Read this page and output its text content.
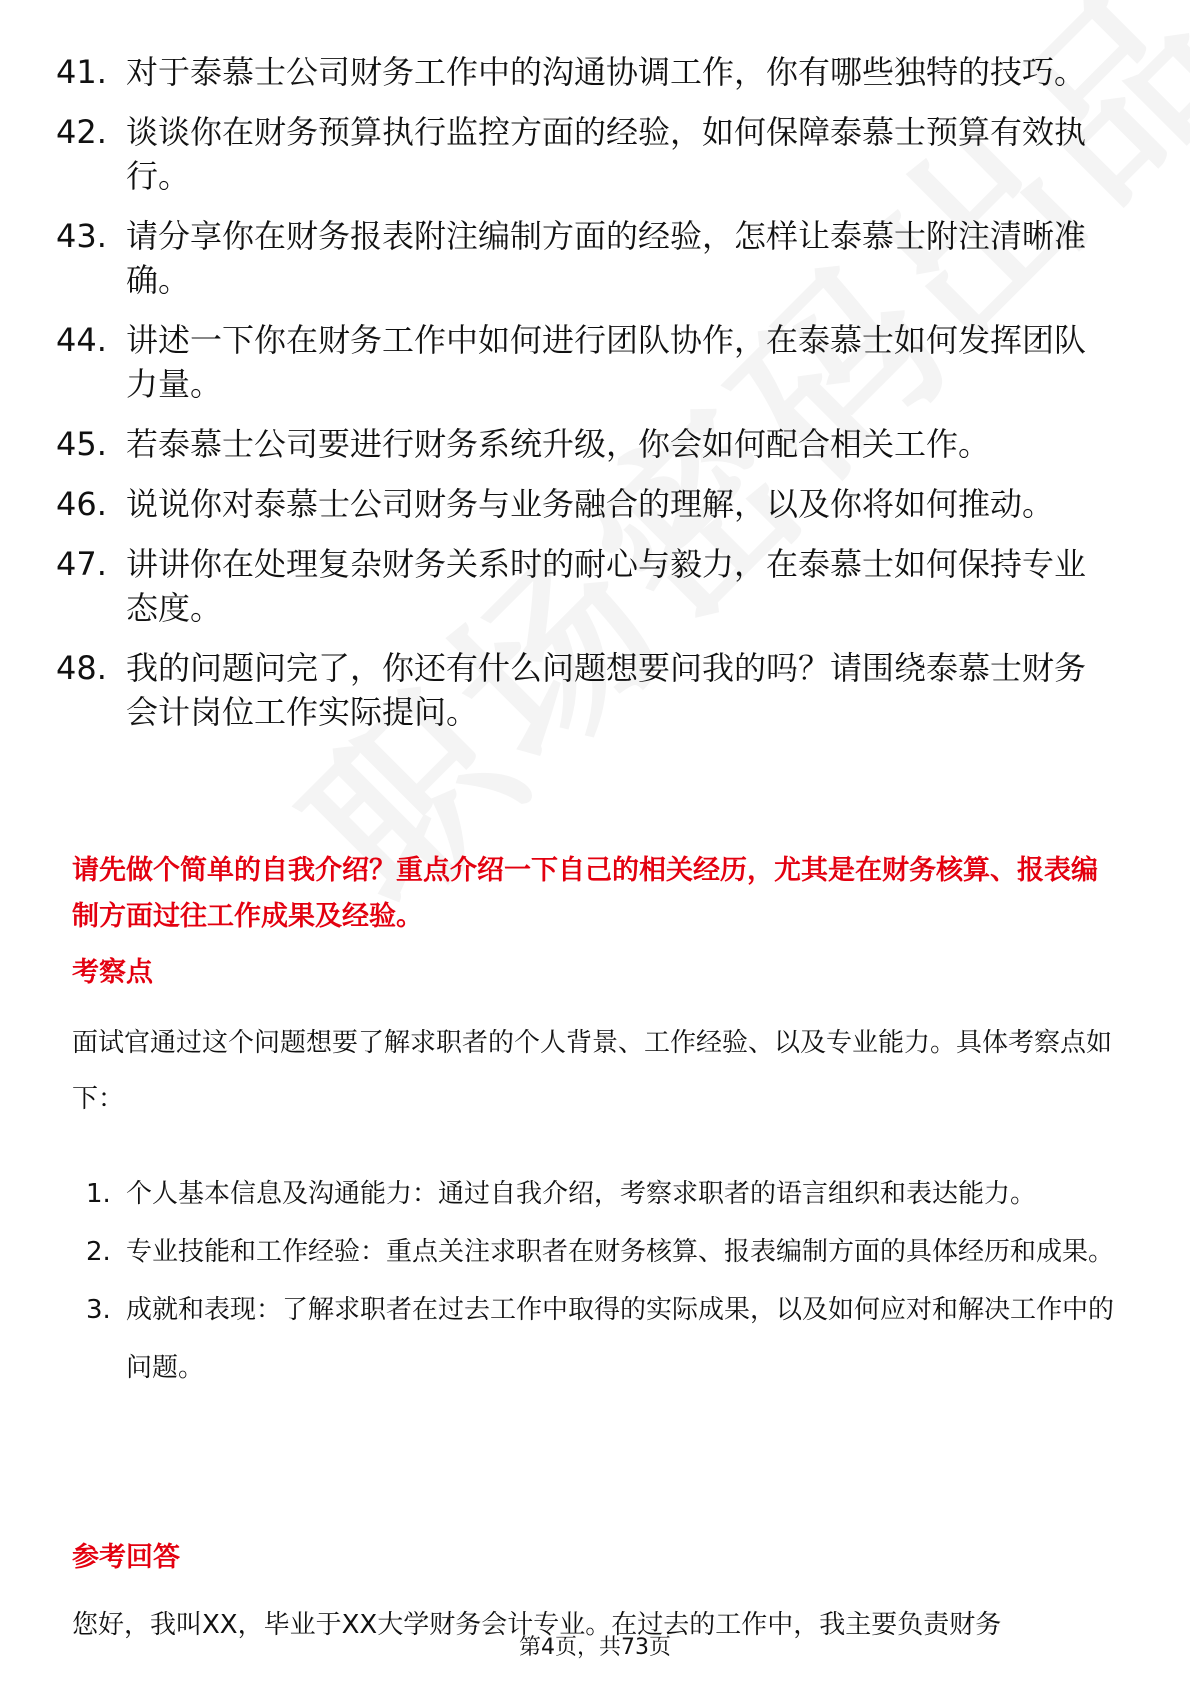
41. 对于泰慕士公司财务工作中的沟通协调工作，你有哪些独特的技巧。
42. 谈谈你在财务预算执行监控方面的经验，如何保障泰慕士预算有效执行。
43. 请分享你在财务报表附注编制方面的经验，怎样让泰慕士附注清晰准确。
44. 讲述一下你在财务工作中如何进行团队协作，在泰慕士如何发挥团队力量。
45. 若泰慕士公司要进行财务系统升级，你会如何配合相关工作。
46. 说说你对泰慕士公司财务与业务融合的理解，以及你将如何推动。
47. 讲讲你在处理复杂财务关系时的耐心与毅力，在泰慕士如何保持专业态度。
48. 我的问题问完了，你还有什么问题想要问我的吗？请围绕泰慕士财务会计岗位工作实际提问。
请先做个简单的自我介绍？重点介绍一下自己的相关经历，尤其是在财务核算、报表编制方面过往工作成果及经验。
考察点
面试官通过这个问题想要了解求职者的个人背景、工作经验、以及专业能力。具体考察点如下：
1. 个人基本信息及沟通能力：通过自我介绍，考察求职者的语言组织和表达能力。
2. 专业技能和工作经验：重点关注求职者在财务核算、报表编制方面的具体经历和成果。
3. 成就和表现：了解求职者在过去工作中取得的实际成果，以及如何应对和解决工作中的问题。
参考回答
您好，我叫XX，毕业于XX大学财务会计专业。在过去的工作中，我主要负责财务
第4页，共73页
